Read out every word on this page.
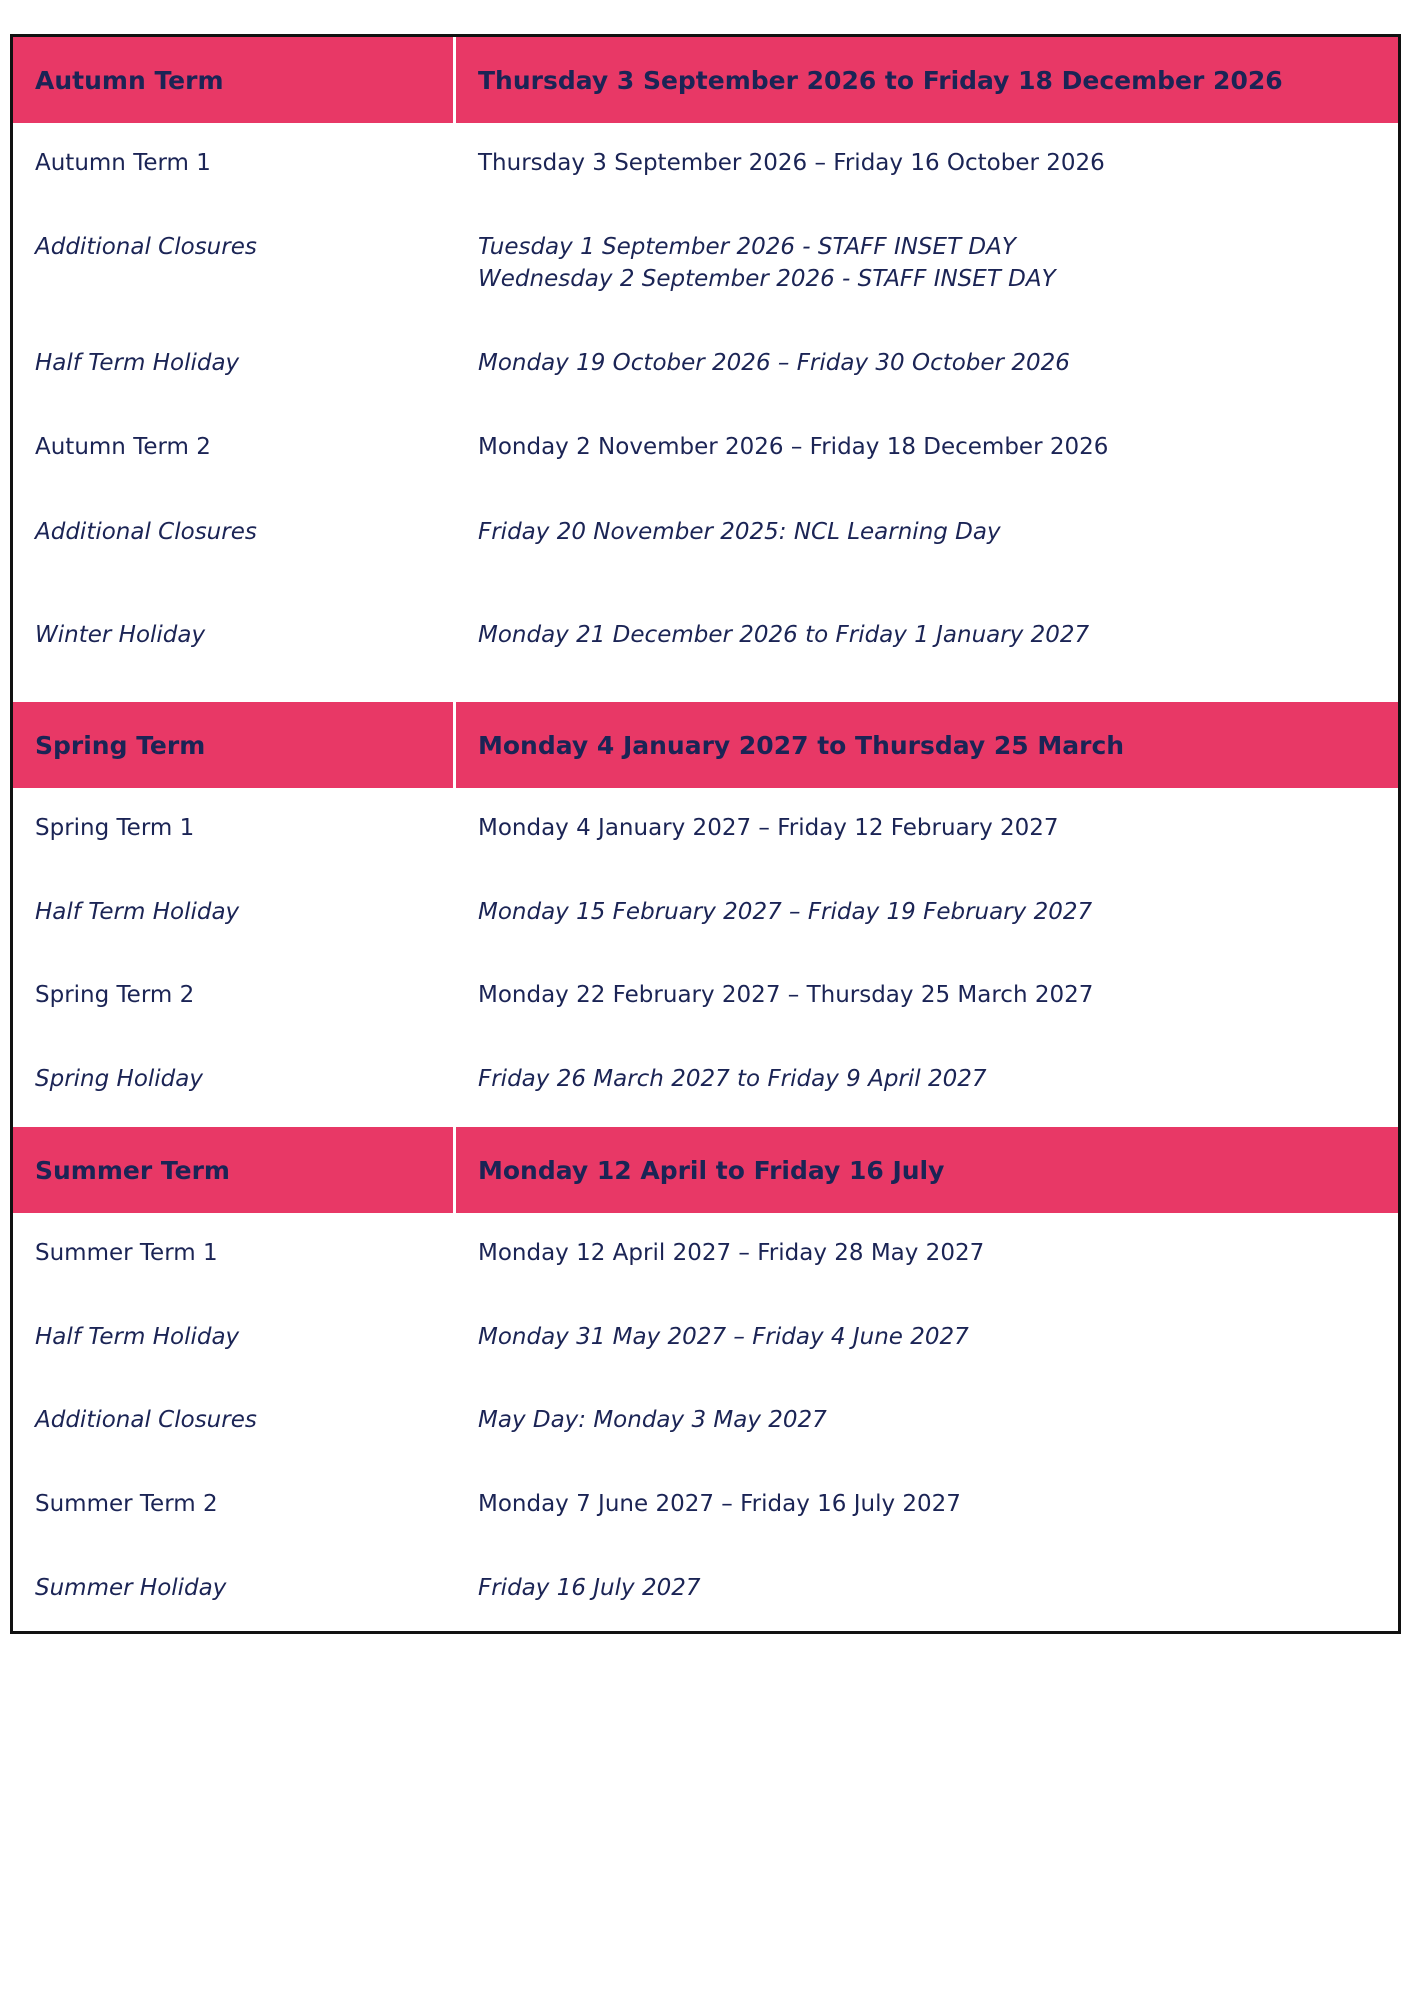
Autumn Term	Thursday 3 September 2026 to Friday 18 December 2026
Autumn Term 1	Thursday 3 September 2026 – Friday 16 October 2026
Additional Closures	Tuesday 1 September 2026 - STAFF INSET DAY
Wednesday 2 September 2026 - STAFF INSET DAY
Half Term Holiday	Monday 19 October 2026 – Friday 30 October 2026
Autumn Term 2	Monday 2 November 2026 – Friday 18 December 2026
Additional Closures	Friday 20 November 2025: NCL Learning Day
Winter Holiday	Monday 21 December 2026 to Friday 1 January 2027
Spring Term	Monday 4 January 2027 to Thursday 25 March
Spring Term 1	Monday 4 January 2027 – Friday 12 February 2027
Half Term Holiday	Monday 15 February 2027 – Friday 19 February 2027
Spring Term 2	Monday 22 February 2027 – Thursday 25 March 2027
Spring Holiday	Friday 26 March 2027 to Friday 9 April 2027
Summer Term	Monday 12 April to Friday 16 July
Summer Term 1	Monday 12 April 2027 – Friday 28 May 2027
Half Term Holiday	Monday 31 May 2027 – Friday 4 June 2027
Additional Closures	May Day: Monday 3 May 2027
Summer Term 2	Monday 7 June 2027 – Friday 16 July 2027
Summer Holiday	Friday 16 July 2027
